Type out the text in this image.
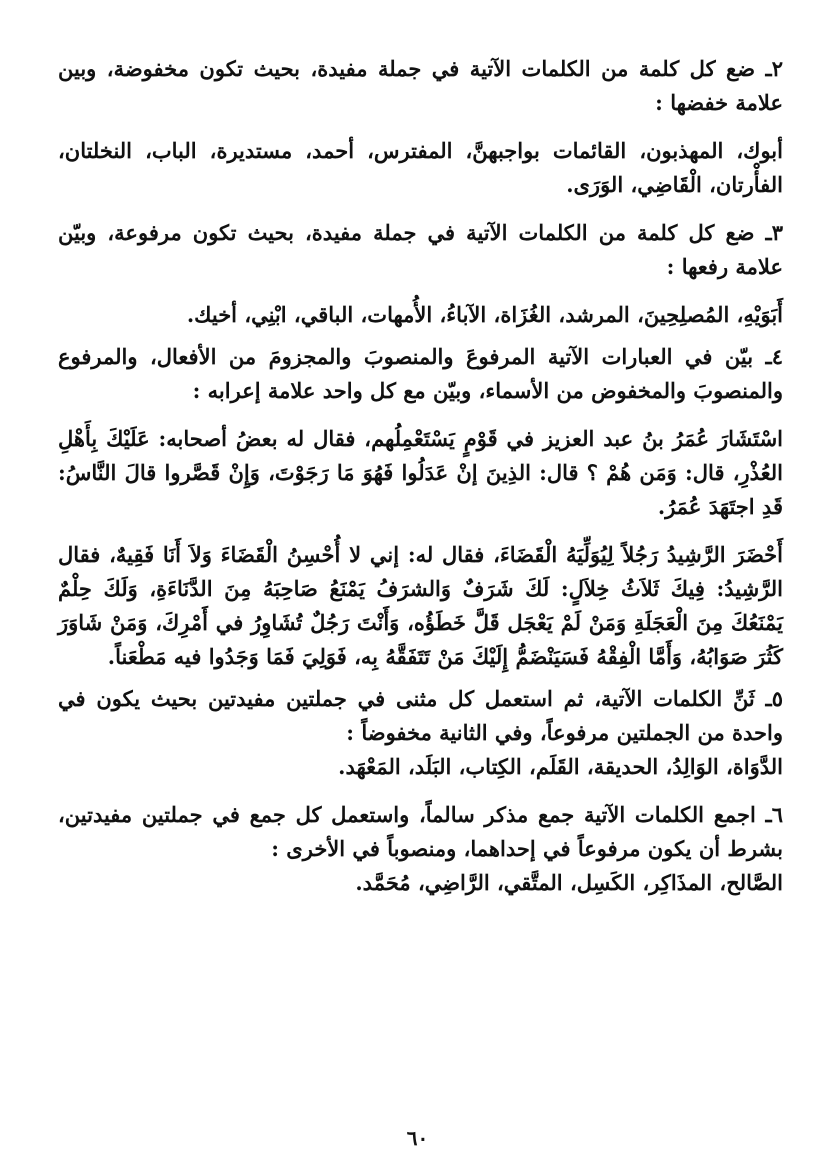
٢ـ ضع كل كلمة من الكلمات الآتية في جملة مفيدة، بحيث تكون مخفوضة، وبين علامة خفضها :

أبوك، المهذبون، القائمات بواجبهنَّ، المفترس، أحمد، مستديرة، الباب، النخلتان، الفأْرتان، الْقَاضِي، الوَرَى.

٣ـ ضع كل كلمة من الكلمات الآتية في جملة مفيدة، بحيث تكون مرفوعة، وبيّن علامة رفعها :

أَبَوَيْهِ، المُصلِحِينَ، المرشد، الغُزَاة، الآباءُ، الأُمهات، الباقي، ابْنِي، أخيك.

٤ـ بيّن في العبارات الآتية المرفوعَ والمنصوبَ والمجزومَ من الأفعال، والمرفوع والمنصوبَ والمخفوض من الأسماء، وبيّن مع كل واحد علامة إعرابه :

اسْتَشَارَ عُمَرُ بنُ عبد العزيز في قَوْمٍ يَسْتَعْمِلُهم، فقال له بعضُ أصحابه: عَلَيْكَ بِأَهْلِ العُذْرِ، قال: وَمَن هُمْ ؟ قال: الذِينَ إنْ عَدَلُوا فَهُوَ مَا رَجَوْتَ، وَإِنْ قَصَّروا قالَ النَّاسُ: قَدِ اجتَهَدَ عُمَرُ.

أَحْضَرَ الرَّشِيدُ رَجُلاً لِيُوَلِّيَهُ الْقَضَاءَ، فقال له: إني لا أُحْسِنُ الْقَضَاءَ وَلاَ أَنَا فَقِيهٌ، فقال الرَّشِيدُ: فِيكَ ثَلاَثُ خِلاَلٍ: لَكَ شَرَفٌ وَالشرَفُ يَمْنَعُ صَاحِبَهُ مِنَ الدَّنَاءَةِ، وَلَكَ حِلْمٌ يَمْنَعُكَ مِنَ الْعَجَلَةِ وَمَنْ لَمْ يَعْجَل قَلَّ خَطَؤُه، وَأَنْتَ رَجُلٌ تُشَاوِرُ في أَمْرِكَ، وَمَنْ شَاوَرَ كَثُرَ صَوَابُهُ، وَأَمَّا الْفِقْهُ فَسَيَنْضَمُّ إِلَيْكَ مَنْ تَتَفَقَّهُ بِه، فَوَلِيَ فَمَا وَجَدُوا فيه مَطْعَناً.

٥ـ ثَنِّ الكلمات الآتية، ثم استعمل كل مثنى في جملتين مفيدتين بحيث يكون في واحدة من الجملتين مرفوعاً، وفي الثانية مخفوضاً :

الدَّوَاة، الوَالِدُ، الحديقة، القَلَم، الكِتاب، البَلَد، المَعْهَد.

٦ـ اجمع الكلمات الآتية جمع مذكر سالماً، واستعمل كل جمع في جملتين مفيدتين، بشرط أن يكون مرفوعاً في إحداهما، ومنصوباً في الأخرى :

الصَّالح، المذَاكِر، الكَسِل، المتَّقي، الرَّاضِي، مُحَمَّد.

٦٠
